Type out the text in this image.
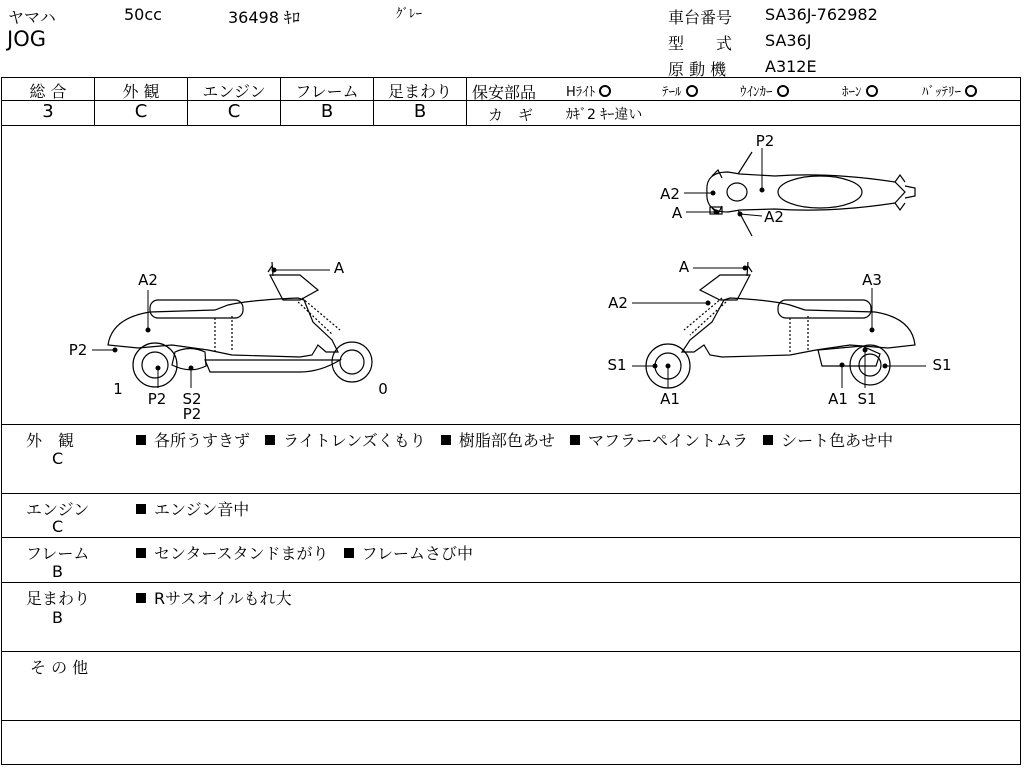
ヤマハ	50cc	36498 ｷﾛ	ｸﾞﾚｰ
JOG
車台番号 SA36J-762982
型　　式 SA36J
原 動 機 A312E
総 合	外 観	エンジン	フレーム	足まわり
3	C	C	B	B
保安部品 Hﾗｲﾄ	ﾃｰﾙ	ｳｲﾝｶｰ	ﾎｰﾝ	ﾊﾞｯﾃﾘｰ
カ　ギ ｶｷﾞ2 ｷｰ違い
A
A2
P2
1
P2 S2
P2
0
A
A2
A3
S1	S1
A1	A1 S1
P2
A2
A	A2
外　観
C
各所うすきず ライトレンズくもり 樹脂部色あせ マフラーペイントムラ シート色あせ中
エンジン
C
エンジン音中
フレーム
B
センタースタンドまがり フレームさび中
足まわり
B
Rサスオイルもれ大
そ の 他
